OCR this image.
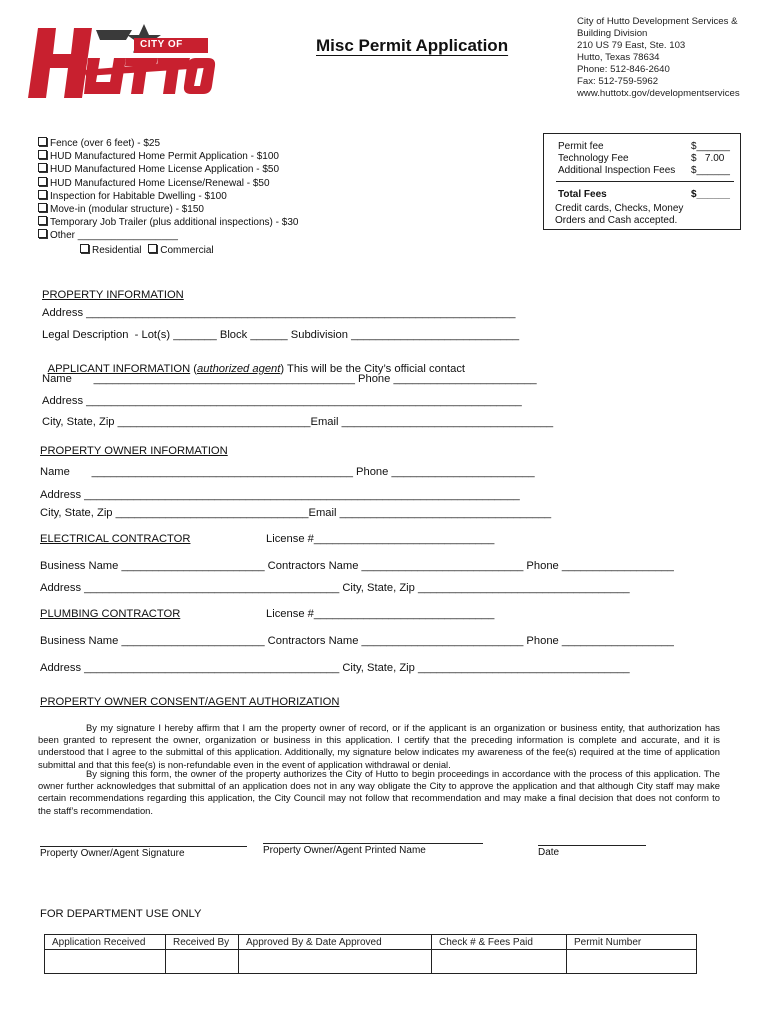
CITY OF	Misc Permit Application
City of Hutto Development Services &
Building Division
210 US 79 East, Ste. 103
Hutto, Texas 78634
Phone: 512-846-2640
Fax: 512-759-5962
www.huttotx.gov/developmentservices
Fence (over 6 feet) - $25
HUD Manufactured Home Permit Application - $100
HUD Manufactured Home License Application - $50
HUD Manufactured Home License/Renewal - $50
Inspection for Habitable Dwelling - $100
Move-in (modular structure) - $150
Temporary Job Trailer (plus additional inspections) - $30
Other __________________
Residential Commercial
Permit fee	$______
Technology Fee	$   7.00
Additional Inspection Fees $______
Total Fees	$______
Credit cards, Checks, Money
Orders and Cash accepted.
PROPERTY INFORMATION
Address _____________________________________________________________________
Legal Description  - Lot(s) _______ Block ______ Subdivision ___________________________

APPLICANT INFORMATION (authorized agent) This will be the City’s official contact

Name       __________________________________________ Phone _______________________
Address ______________________________________________________________________
City, State, Zip _______________________________Email __________________________________
PROPERTY OWNER INFORMATION
Name       __________________________________________ Phone _______________________
Address ______________________________________________________________________
City, State, Zip _______________________________Email __________________________________
ELECTRICAL CONTRACTOR	License #_____________________________
Business Name _______________________ Contractors Name __________________________ Phone __________________
Address _________________________________________ City, State, Zip __________________________________
PLUMBING CONTRACTOR	License #_____________________________
Business Name _______________________ Contractors Name __________________________ Phone __________________
Address _________________________________________ City, State, Zip __________________________________
PROPERTY OWNER CONSENT/AGENT AUTHORIZATION
By my signature I hereby affirm that I am the property owner of record, or if the applicant is an organization or business entity, that authorization has been granted to represent the owner, organization or business in this application. I certify that the preceding information is complete and accurate, and it is understood that I agree to the submittal of this application. Additionally, my signature below indicates my awareness of the fee(s) required at the time of application submittal and that this fee(s) is non-refundable even in the event of application withdrawal or denial.
By signing this form, the owner of the property authorizes the City of Hutto to begin proceedings in accordance with the process of this application. The owner further acknowledges that submittal of an application does not in any way obligate the City to approve the application and that although City staff may make certain recommendations regarding this application, the City Council may not follow that recommendation and may make a final decision that does not conform to the staff’s recommendation.
Property Owner/Agent Signature	Property Owner/Agent Printed Name	Date
FOR DEPARTMENT USE ONLY
Application Received	Received By	Approved By & Date Approved	Check # & Fees Paid	Permit Number
